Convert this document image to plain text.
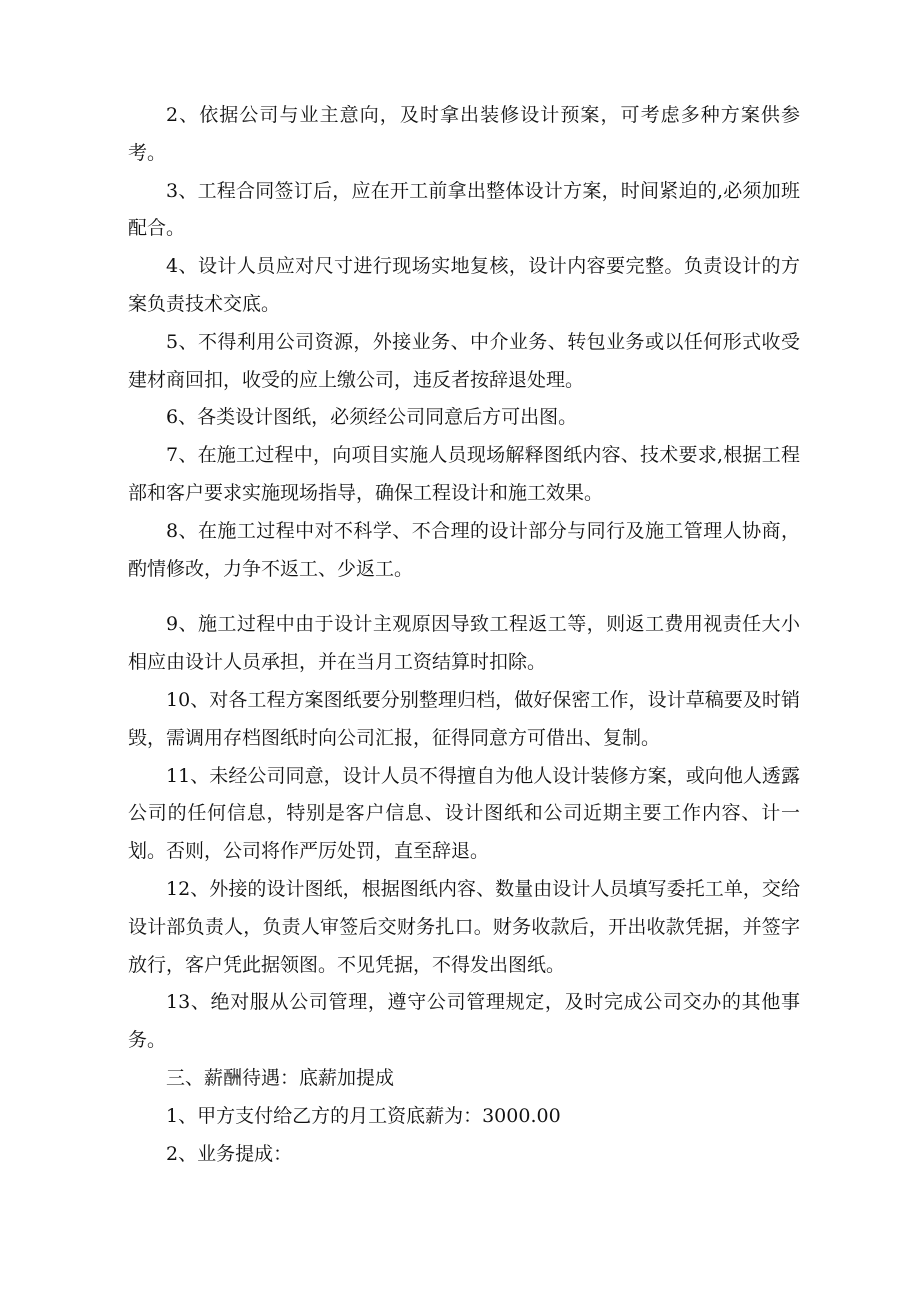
2、依据公司与业主意向，及时拿出装修设计预案，可考虑多种方案供参考。

3、工程合同签订后，应在开工前拿出整体设计方案，时间紧迫的,必须加班配合。

4、设计人员应对尺寸进行现场实地复核，设计内容要完整。负责设计的方案负责技术交底。

5、不得利用公司资源，外接业务、中介业务、转包业务或以任何形式收受建材商回扣，收受的应上缴公司，违反者按辞退处理。

6、各类设计图纸，必须经公司同意后方可出图。

7、在施工过程中，向项目实施人员现场解释图纸内容、技术要求,根据工程部和客户要求实施现场指导，确保工程设计和施工效果。

8、在施工过程中对不科学、不合理的设计部分与同行及施工管理人协商，酌情修改，力争不返工、少返工。

9、施工过程中由于设计主观原因导致工程返工等，则返工费用视责任大小相应由设计人员承担，并在当月工资结算时扣除。

10、对各工程方案图纸要分别整理归档，做好保密工作，设计草稿要及时销毁，需调用存档图纸时向公司汇报，征得同意方可借出、复制。

11、未经公司同意，设计人员不得擅自为他人设计装修方案，或向他人透露公司的任何信息，特别是客户信息、设计图纸和公司近期主要工作内容、计一划。否则，公司将作严厉处罚，直至辞退。

12、外接的设计图纸，根据图纸内容、数量由设计人员填写委托工单，交给设计部负责人，负责人审签后交财务扎口。财务收款后，开出收款凭据，并签字放行，客户凭此据领图。不见凭据，不得发出图纸。

13、绝对服从公司管理，遵守公司管理规定，及时完成公司交办的其他事务。

三、薪酬待遇：底薪加提成

1、甲方支付给乙方的月工资底薪为：3000.00

2、业务提成：
